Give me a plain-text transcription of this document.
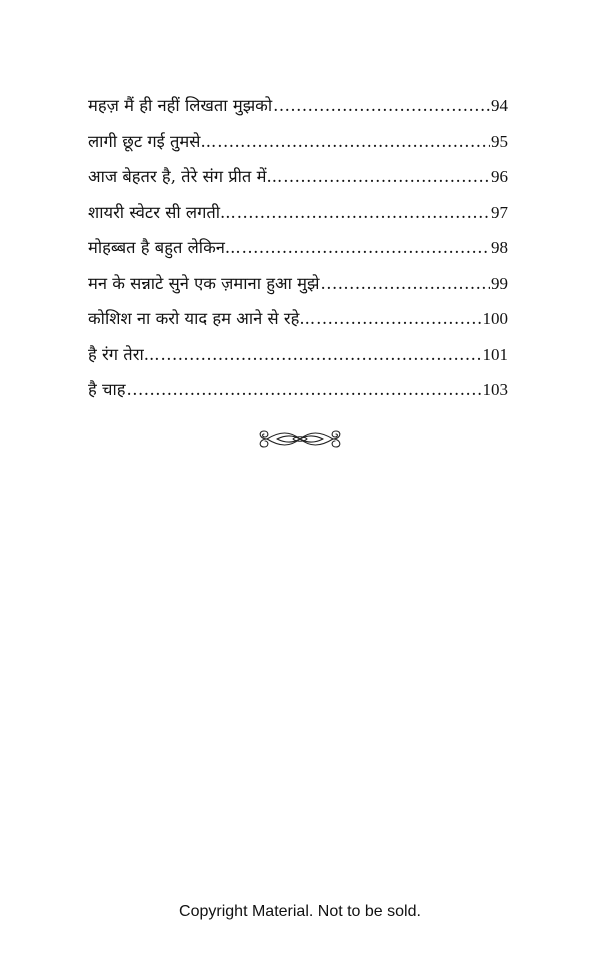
महज़ मैं ही नहीं लिखता मुझको .....	94
लागी छूट गई तुमसे... .....	95
आज बेहतर है, तेरे संग प्रीत में... .....	96
शायरी स्वेटर सी लगती... .....	97
मोहब्बत है बहुत लेकिन... .....	98
मन के सन्नाटे सुने एक ज़माना हुआ मुझे .....	99
कोशिश ना करो याद हम आने से रहे... .....	100
है रंग तेरा... .....	101
है चाह .....	103
Copyright Material. Not to be sold.
